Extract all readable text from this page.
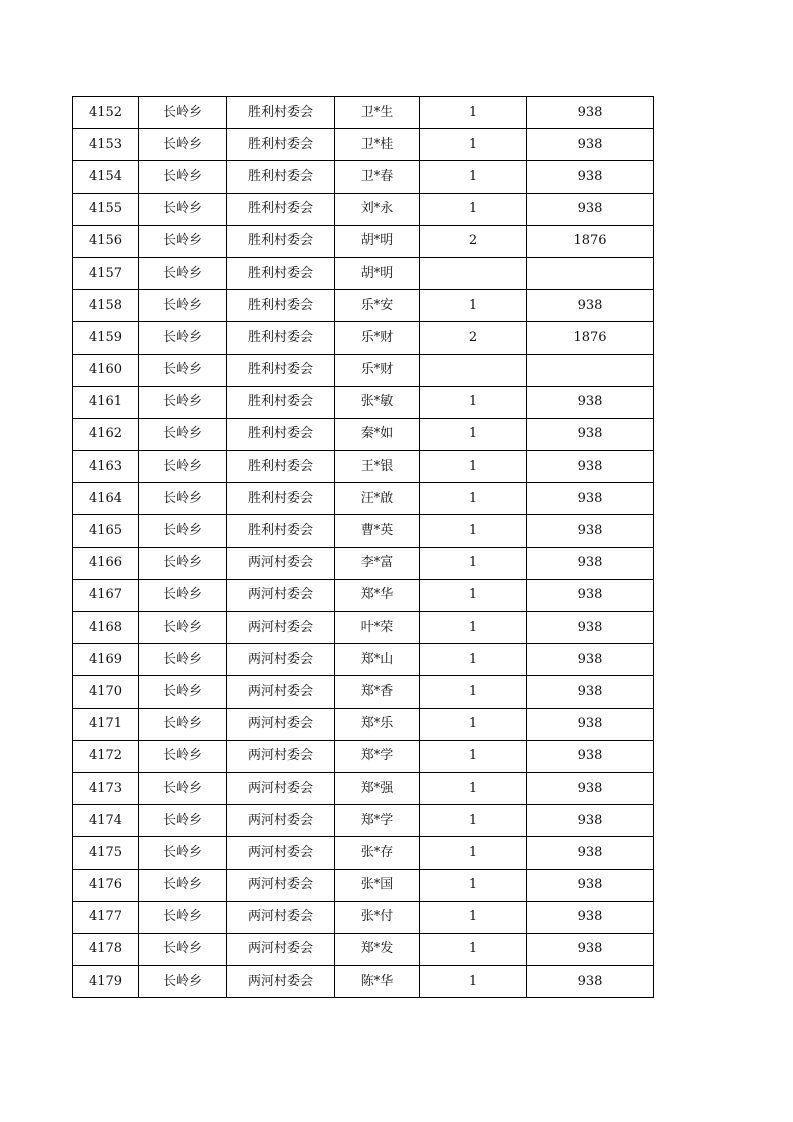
4152	长岭乡	胜利村委会	卫*生	1	938
4153	长岭乡	胜利村委会	卫*桂	1	938
4154	长岭乡	胜利村委会	卫*春	1	938
4155	长岭乡	胜利村委会	刘*永	1	938
4156	长岭乡	胜利村委会	胡*明	2	1876
4157	长岭乡	胜利村委会	胡*明		
4158	长岭乡	胜利村委会	乐*安	1	938
4159	长岭乡	胜利村委会	乐*财	2	1876
4160	长岭乡	胜利村委会	乐*财		
4161	长岭乡	胜利村委会	张*敏	1	938
4162	长岭乡	胜利村委会	秦*如	1	938
4163	长岭乡	胜利村委会	王*银	1	938
4164	长岭乡	胜利村委会	汪*啟	1	938
4165	长岭乡	胜利村委会	曹*英	1	938
4166	长岭乡	两河村委会	李*富	1	938
4167	长岭乡	两河村委会	郑*华	1	938
4168	长岭乡	两河村委会	叶*荣	1	938
4169	长岭乡	两河村委会	郑*山	1	938
4170	长岭乡	两河村委会	郑*香	1	938
4171	长岭乡	两河村委会	郑*乐	1	938
4172	长岭乡	两河村委会	郑*学	1	938
4173	长岭乡	两河村委会	郑*强	1	938
4174	长岭乡	两河村委会	郑*学	1	938
4175	长岭乡	两河村委会	张*存	1	938
4176	长岭乡	两河村委会	张*国	1	938
4177	长岭乡	两河村委会	张*付	1	938
4178	长岭乡	两河村委会	郑*发	1	938
4179	长岭乡	两河村委会	陈*华	1	938
